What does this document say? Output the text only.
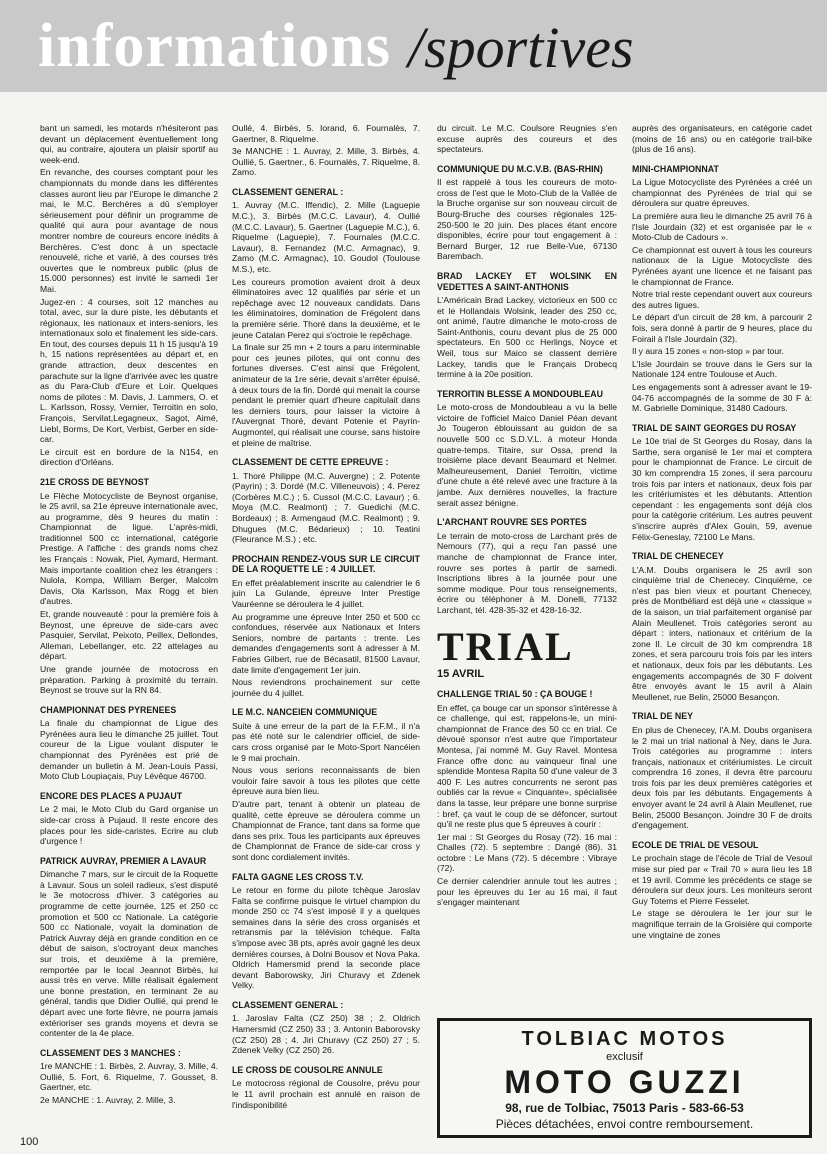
informations /sportives

bant un samedi, les motards n'hésiteront pas devant un déplacement éventuellement long qui, au contraire, ajoutera un plaisir sportif au week-end.

En revanche, des courses comptant pour les championnats du monde dans les différentes classes auront lieu par l'Europe le dimanche 2 mai, le M.C. Berchères a dû s'employer sérieusement pour définir un programme de qualité qui aura pour avantage de nous montrer nombre de coureurs encore inédits à Berchères. C'est donc à un spectacle renouvelé, riche et varié, à des courses très ouvertes que le nombreux public (plus de 15.000 personnes) est invité le samedi 1er Mai.

Jugez-en : 4 courses, soit 12 manches au total, avec, sur la dure piste, les débutants et régionaux, les nationaux et inters-seniors, les internationaux solo et finalement les side-cars. En tout, des courses depuis 11 h 15 jusqu'à 19 h, 15 nations représentées au départ et, en grande attraction, deux descentes en parachute sur la ligne d'arrivée avec les quatre as du Para-Club d'Eure et Loir. Quelques noms de pilotes : M. Davis, J. Lammers, O. et L. Karlsson, Rossy, Vernier, Terroitin en solo, François, Servilat,Legagneux, Sagot, Aimé, Liebl, Borms, De Kort, Verbist, Gerber en side-car.

Le circuit est en bordure de la N154, en direction d'Orléans.

21E CROSS DE BEYNOST

Le Flèche Motocycliste de Beynost organise, le 25 avril, sa 21e épreuve internationale avec, au programme, dès 9 heures du matin : Championnat de ligue. L'après-midi, traditionnel 500 cc international, catégorie Prestige. A l'affiche : des grands noms chez les Français : Nowak, Piel, Aymard, Hermant. Mais importante coalition chez les étrangers : Nulola, Kompa, William Berger, Malcolm Davis, Ola Karlsson, Max Rogg et bien d'autres.

Et, grande nouveauté : pour la première fois à Beynost, une épreuve de side-cars avec Pasquier, Servilat, Peixoto, Peillex, Dellondes, Alleman, Lebellanger, etc. 22 attelages au départ.

Une grande journée de motocross en préparation. Parking à proximité du terrain. Beynost se trouve sur la RN 84.

CHAMPIONNAT DES PYRENEES

La finale du championnat de Ligue des Pyrénées aura lieu le dimanche 25 juillet. Tout coureur de la Ligue voulant disputer le championnat des Pyrénées est prié de demander un bulletin à M. Jean-Louis Passi, Moto Club Loupiaçais, Puy Lévêque 46700.

ENCORE DES PLACES A PUJAUT

Le 2 mai, le Moto Club du Gard organise un side-car cross à Pujaud. Il reste encore des places pour les side-caristes. Ecrire au club d'urgence !

PATRICK AUVRAY, PREMIER A LAVAUR

Dimanche 7 mars, sur le circuit de la Roquette à Lavaur. Sous un soleil radieux, s'est disputé le 3e motocross d'hiver. 3 catégories au programme de cette journée, 125 et 250 cc promotion et 500 cc Nationale. La catégorie 500 cc Nationale, voyait la domination de Patrick Auvray déjà en grande condition en ce début de saison, s'octroyant deux manches sur trois, et deuxième à la première, remportée par le local Jeannot Birbès, lui aussi très en verve. Mille réalisait également une bonne prestation, en terminant 2e au général, tandis que Didier Oullié, qui prend le départ avec une forte fièvre, ne pourra jamais extérioriser ses grands moyens et devra se contenter de la 4e place.

CLASSEMENT DES 3 MANCHES :

1re MANCHE : 1. Birbès, 2. Auvray, 3. Mille, 4. Oullié, 5. Fort, 6. Riquelme, 7. Gousset, 8. Gaertner, etc.

2e MANCHE : 1. Auvray, 2. Mille, 3.

Oullé, 4. Birbès, 5. Iorand, 6. Fournalès, 7. Gaertner, 8. Riquelme.

3e MANCHE : 1. Auvray, 2. Mille, 3. Birbès, 4. Oullié, 5. Gaertner., 6. Fournalès, 7. Riquelme, 8. Zamo.

CLASSEMENT GENERAL :

1. Auvray (M.C. Iffendic), 2. Mille (Laguepie M.C.), 3. Birbès (M.C.C. Lavaur), 4. Oullié (M.C.C. Lavaur), 5. Gaertner (Laguepie M.C.), 6. Riquelme (Laguepie), 7. Fournales (M.C.C. Lavaur), 8. Fernandez (M.C. Armagnac), 9. Zamo (M.C. Armagnac), 10. Goudol (Toulouse M.S.), etc.

Les coureurs promotion avaient droit à deux éliminatoires avec 12 qualifiés par série et un repêchage avec 12 nouveaux candidats. Dans les éliminatoires, domination de Frégolent dans la première série. Thoré dans la deuxième, et le jeune Catalan Perez qui s'octroie le repêchage.

La finale sur 25 mn + 2 tours a paru interminable pour ces jeunes pilotes, qui ont connu des fortunes diverses. C'est ainsi que Frégolent, animateur de la 1re série, devait s'arrêter épuisé, à deux tours de la fin. Dordé qui menait la course pendant le premier quart d'heure capitulait dans les derniers tours, pour laisser la victoire à l'Auvergnat Thoré, devant Potenie et Payrin-Augmontel, qui réalisait une course, sans histoire et pleine de maîtrise.

CLASSEMENT DE CETTE EPREUVE :

1. Thoré Philippe (M.C. Auvergne) ; 2. Potente (Payrin) ; 3. Dordé (M.C. Villeneuvois) ; 4. Perez (Corbères M.C.) ; 5. Cussol (M.C.C. Lavaur) ; 6. Moya (M.C. Realmont) ; 7. Guedichi (M.C. Bordeaux) ; 8. Armengaud (M.C. Realmont) ; 9. Dhugues (M.C. Bédarieux) ; 10. Teatini (Fleurance M.S.) ; etc.

PROCHAIN RENDEZ-VOUS SUR LE CIRCUIT DE LA ROQUETTE LE : 4 JUILLET.

En effet préalablement inscrite au calendrier le 6 juin La Gulande, épreuve Inter Prestige Vauréenne se déroulera le 4 juillet.

Au programme une épreuve Inter 250 et 500 cc confondues, réservée aux Nationaux et Inters Seniors, nombre de partants : trente. Les demandes d'engagements sont à adresser à M. Fabries Gilbert, rue de Bécasatil, 81500 Lavaur, date limite d'engagement 1er juin.

Nous reviendrons prochainement sur cette journée du 4 juillet.

LE M.C. NANCEIEN COMMUNIQUE

Suite à une erreur de la part de la F.F.M., il n'a pas été noté sur le calendrier officiel, de side-cars cross organisé par le Moto-Sport Nancéien le 9 mai prochain.

Nous vous serions reconnaissants de bien vouloir faire savoir à tous les pilotes que cette épreuve aura bien lieu.

D'autre part, tenant à obtenir un plateau de qualité, cette épreuve se déroulera comme un Championnat de France, tant dans sa forme que dans ses prix. Tous les participants aux épreuves de Championnat de France de side-car cross y sont donc cordialement invités.

FALTA GAGNE LES CROSS T.V.

Le retour en forme du pilote tchèque Jaroslav Falta se confirme puisque le virtuel champion du monde 250 cc 74 s'est imposé il y a quelques semaines dans la série des cross organisés et retransmis par la télévision tchèque. Falta s'impose avec 38 pts, après avoir gagné les deux dernières courses, à Dolni Bousov et Nova Paka. Oldrich Hamersmid prend la seconde place devant Baborowsky, Jiri Churavy et Zdenek Velky.

CLASSEMENT GENERAL :

1. Jaroslav Falta (CZ 250) 38 ; 2. Oldrich Hamersmid (CZ 250) 33 ; 3. Antonin Baborovsky (CZ 250) 28 ; 4. Jiri Churavy (CZ 250) 27 ; 5. Zdenek Velky (CZ 250) 26.

LE CROSS DE COUSOLRE ANNULE

Le motocross régional de Cousolre, prévu pour le 11 avril prochain est annulé en raison de l'indisponibilité

du circuit. Le M.C. Coulsore Reugnies s'en excuse auprès des coureurs et des spectateurs.

COMMUNIQUE DU M.C.V.B. (BAS-RHIN)

Il est rappelé à tous les coureurs de moto-cross de l'est que le Moto-Club de la Vallée de la Bruche organise sur son nouveau circuit de Bourg-Bruche des courses régionales 125-250-500 le 20 juin. Des places étant encore disponibles, écrire pour tout engagement à : Bernard Burger, 12 rue Belle-Vue, 67130 Barembach.

BRAD LACKEY ET WOLSINK EN VEDETTES A SAINT-ANTHONIS

L'Américain Brad Lackey, victorieux en 500 cc et le Hollandais Wolsink, leader des 250 cc, ont animé, l'autre dimanche le moto-cross de Saint-Anthonis, couru devant plus de 25 000 spectateurs. En 500 cc Herlings, Noyce et Weil, tous sur Maico se classent derrière Lackey, tandis que le Français Drobecq termine à la 20e position.

TERROITIN BLESSE A MONDOUBLEAU

Le moto-cross de Mondoubleau a vu la belle victoire de l'officiel Maico Daniel Péan devant Jo Tougeron éblouissant au guidon de sa nouvelle 500 cc S.D.V.L. à moteur Honda quatre-temps. Titaire, sur Ossa, prend la troisième place devant Beaumard et Nelmer. Malheureusement, Daniel Terroitin, victime d'une chute a été relevé avec une fracture à la jambe. Aux dernières nouvelles, la fracture serait assez bénigne.

L'ARCHANT ROUVRE SES PORTES

Le terrain de moto-cross de Larchant près de Nemours (77), qui a reçu l'an passé une manche de championnat de France inter, rouvre ses portes à partir de samedi. Inscriptions libres à la journée pour une somme modique. Pour tous renseignements, écrire ou téléphoner à M. Donelli, 77132 Larchant, tél. 428-35-32 et 428-16-32.

TRIAL
15 AVRIL
CHALLENGE TRIAL 50 : ÇA BOUGE !

En effet, ça bouge car un sponsor s'intéresse à ce challenge, qui est, rappelons-le, un mini-championnat de France des 50 cc en trial. Ce dévoué sponsor n'est autre que l'importateur Montesa, j'ai nommé M. Guy Ravel. Montesa France offre donc au vainqueur final une splendide Montesa Rapita 50 d'une valeur de 3 400 F. Les autres concurrents ne seront pas oubliés car la revue « Cinquante», spécialisée dans la tasse, leur prépare une bonne surprise : bref, ça vaut le coup de se défoncer, surtout qu'il ne reste plus que 5 épreuves à courir :

1er mai : St Georges du Rosay (72). 16 mai : Challes (72). 5 septembre : Dangé (86). 31 octobre : Le Mans (72). 5 décembre : Vibraye (72).

Ce dernier calendrier annule tout les autres ; pour les épreuves du 1er au 16 mai, il faut s'engager maintenant

auprès des organisateurs, en catégorie cadet (moins de 16 ans) ou en catégorie trail-bike (plus de 16 ans).

MINI-CHAMPIONNAT

La Ligue Motocycliste des Pyrénées a créé un championnat des Pyrénées de trial qui se déroulera sur quatre épreuves.

La première aura lieu le dimanche 25 avril 76 à l'Isle Jourdain (32) et est organisée par le « Moto-Club de Cadours ».

Ce championnat est ouvert à tous les coureurs nationaux de la Ligue Motocycliste des Pyrénées ayant une licence et ne faisant pas le championnat de France.

Notre trial reste cependant ouvert aux coureurs des autres ligues.

Le départ d'un circuit de 28 km, à parcourir 2 fois, sera donné à partir de 9 heures, place du Foirail à l'Isle Jourdain (32).

Il y aura 15 zones « non-stop » par tour.

L'Isle Jourdain se trouve dans le Gers sur la Nationale 124 entre Toulouse et Auch.

Les engagements sont à adresser avant le 19-04-76 accompagnés de la somme de 30 F à: M. Gabrielle Dominique, 31480 Cadours.

TRIAL DE SAINT GEORGES DU ROSAY

Le 10e trial de St Georges du Rosay, dans la Sarthe, sera organisé le 1er mai et comptera pour le championnat de France. Le circuit de 30 km comprendra 15 zones, il sera parcouru trois fois par inters et nationaux, deux fois par les critériumistes et les débutants. Attention cependant : les engagements sont déjà clos pour la catégorie critérium. Les autres peuvent s'inscrire auprès d'Alex Gouin, 59, avenue Félix-Geneslay, 72100 Le Mans.

TRIAL DE CHENECEY

L'A.M. Doubs organisera le 25 avril son cinquième trial de Chenecey. Cinquième, ce n'est pas bien vieux et pourtant Chenecey, près de Montbéliard est déjà une « classique » de la saison, un trial parfaitement organisé par Alain Meullenet. Trois catégories seront au départ : inters, nationaux et critérium de la zone II. Le circuit de 30 km comprendra 18 zones, et sera parcouru trois fois par les inters et nationaux, deux fois par les débutants. Les engagements accompagnés de 30 F doivent être envoyés avant le 15 avril à Alain Meullenet, rue Belin, 25000 Besançon.

TRIAL DE NEY

En plus de Chenecey, l'A.M. Doubs organisera le 2 mai un trial national à Ney, dans le Jura. Trois catégories au programme : inters français, nationaux et critériumistes. Le circuit comprendra 16 zones, il devra être parcouru trois fois par les deux premières catégories et deux fois par les débutants. Engagements à envoyer avant le 24 avril à Alain Meullenet, rue Belin, 25000 Besançon. Joindre 30 F de droits d'engagement.

ECOLE DE TRIAL DE VESOUL

Le prochain stage de l'école de Trial de Vesoul mise sur pied par « Trail 70 » aura lieu les 18 et 19 avril. Comme les précédents ce stage se déroulera sur deux jours. Les moniteurs seront Guy Totems et Pierre Fesselet.

Le stage se déroulera le 1er jour sur le magnifique terrain de la Groisière qui comporte une vingtaine de zones

TOLBIAC MOTOS
exclusif
MOTO GUZZI
98, rue de Tolbiac, 75013 Paris - 583-66-53
Pièces détachées, envoi contre remboursement.
100
